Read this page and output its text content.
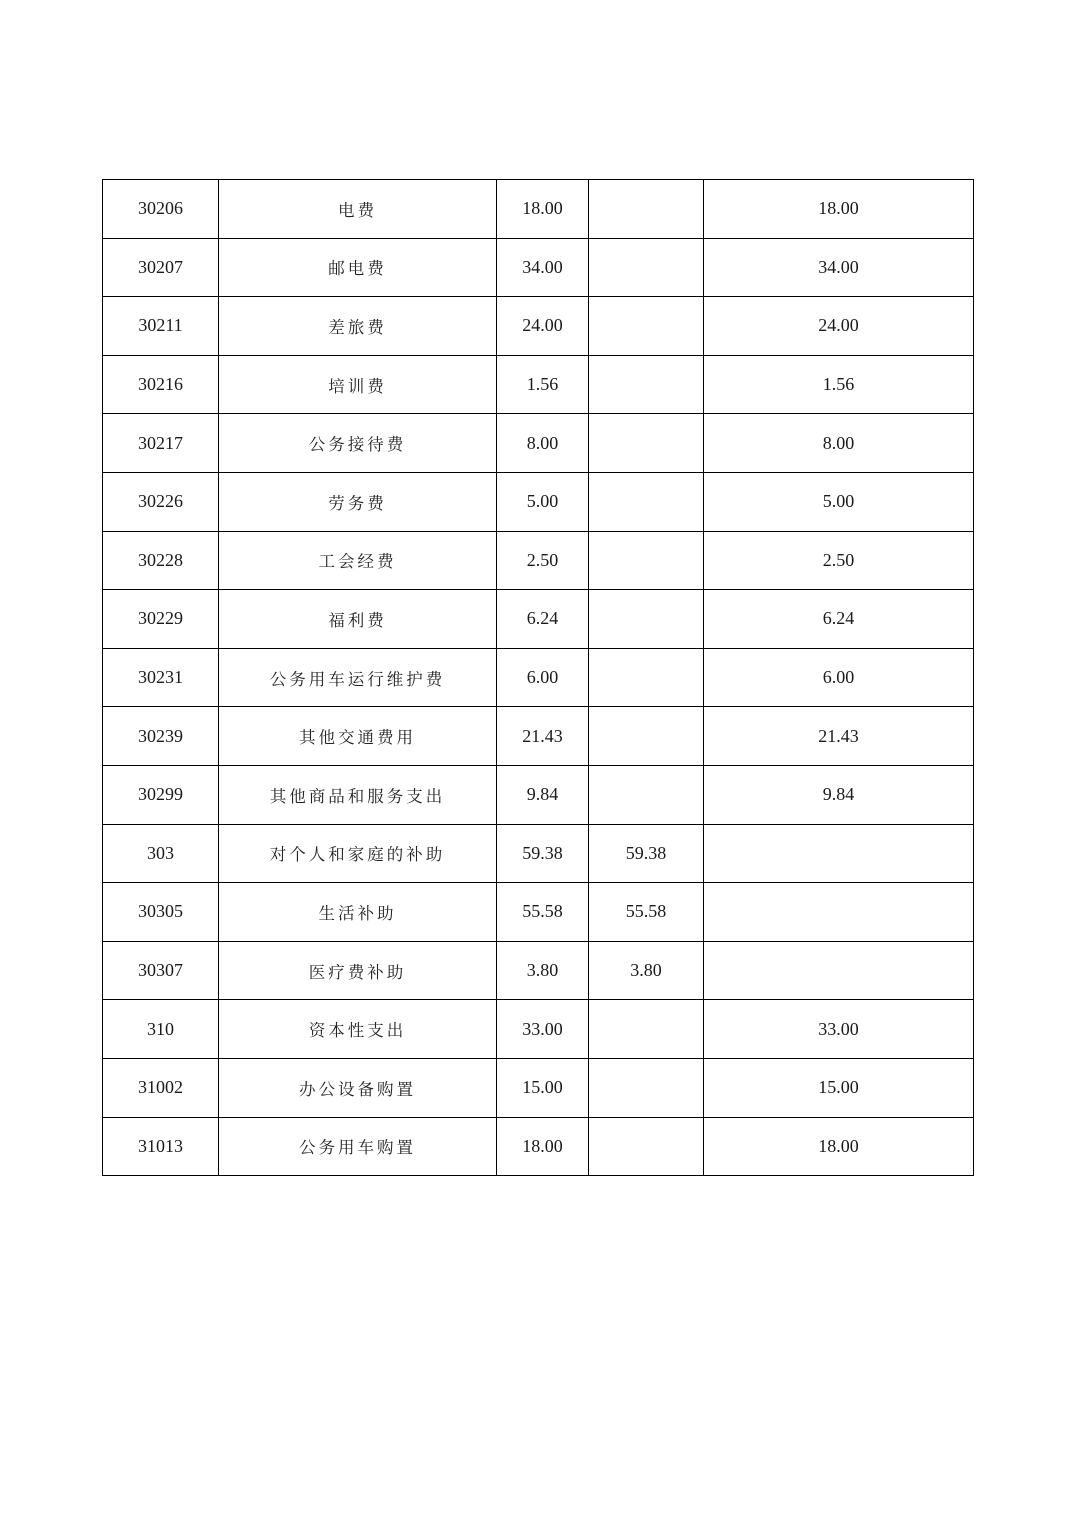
30206	电费	18.00		18.00
30207	邮电费	34.00		34.00
30211	差旅费	24.00		24.00
30216	培训费	1.56		1.56
30217	公务接待费	8.00		8.00
30226	劳务费	5.00		5.00
30228	工会经费	2.50		2.50
30229	福利费	6.24		6.24
30231	公务用车运行维护费	6.00		6.00
30239	其他交通费用	21.43		21.43
30299	其他商品和服务支出	9.84		9.84
303	对个人和家庭的补助	59.38	59.38	
30305	生活补助	55.58	55.58	
30307	医疗费补助	3.80	3.80	
310	资本性支出	33.00		33.00
31002	办公设备购置	15.00		15.00
31013	公务用车购置	18.00		18.00
